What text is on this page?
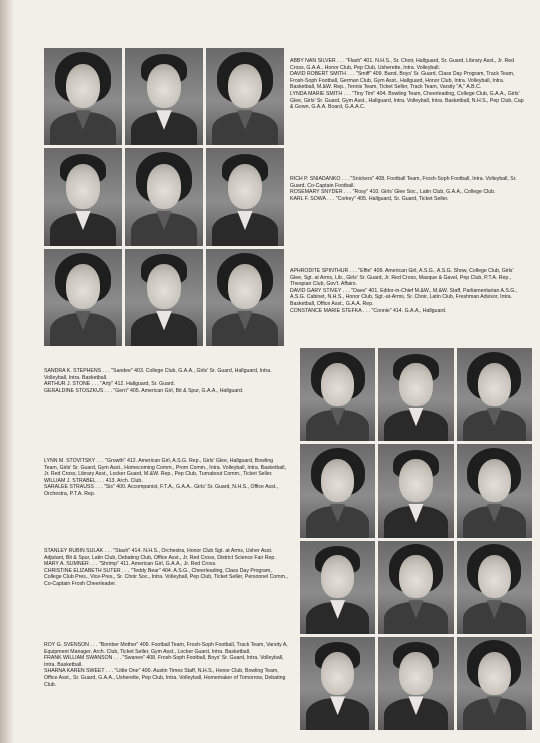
ABBY NAN SILVER . . . "Flash" 401. N.H.S., Sr. Choir, Hallguard, Sr. Guard, Library Asst., Jr. Red Cross, G.A.A., Honor Club, Pep Club, Usherette, Intra. Volleyball.
DAVID ROBERT SMITH . . . "Smiff" 409. Band, Boys' Sr. Guard, Class Day Program, Track Team, Frosh-Soph Football, German Club, Gym Asst., Hallguard, Honor Club, Intra. Volleyball, Intra. Basketball, M.&W. Rep., Tennis Team, Ticket Seller, Track Team, Varsity "A," A.B.C.
LYNDA MARIE SMITH . . . "Tiny Tim" 404. Bowling Team, Cheerleading, College Club, G.A.A., Girls' Glee, Girls' Sr. Guard, Gym Asst., Hallguard, Intra. Volleyball, Intra. Basketball, N.H.S., Pep Club, Cap & Gown, G.A.A. Board, G.A.A.C.
RICH P. SNIADANKO . . . "Snickers" 408. Football Team, Frosh-Soph Football, Intra. Volleyball, Sr. Guard, Co-Captain Football.
ROSEMARY SNYDER . . . "Rosy" 410. Girls' Glee Soc., Latin Club, G.A.A., College Club.
KARL F. SOWA . . . "Corkey" 405. Hallguard, Sr. Guard, Ticket Seller.
APHRODITE SPINTHUR . . . "Effie" 409. American Girl, A.S.G., A.S.G. Show, College Club, Girls' Glee, Sgt. at Arms, Lib., Girls' Sr. Guard, Jr. Red Cross, Masque & Gavel, Pep Club, P.T.A. Rep., Thespian Club, Gov't. Affairs.
DAVID GARY STIVEY . . . "Dave" 401. Editor-in-Chief M.&W., M.&W. Staff, Parliamentarian A.S.G., A.S.G. Cabinet, N.H.S., Honor Club, Sgt.-at-Arms, Sr. Choir, Latin Club, Freshman Advisor, Intra. Basketball, Office Asst., G.A.A. Rep.
CONSTANCE MARIE STEFKA . . . "Connie" 414. G.A.A., Hallguard.
SANDRA K. STEPHENS . . . "Sandee" 403. College Club, G.A.A., Girls' Sr. Guard, Hallguard, Intra. Volleyball, Intra. Basketball.
ARTHUR J. STONE . . . "Arty" 412. Hallguard, Sr. Guard.
GERALDINE STOSZKUS . . . "Gerri" 405. American Girl, Bit & Spur, G.A.A., Hallguard.
LYNN M. STOVITSKY . . . "Growth" 412. American Girl, A.S.G. Rep., Girls' Glee, Hallguard, Bowling Team, Girls' Sr. Guard, Gym Asst., Homecoming Comm., Prom Comm., Intra. Volleyball, Intra. Basketball, Jr. Red Cross, Library Asst., Locker Guard, M.&W. Rep., Pep Club, Turnabout Comm., Ticket Seller.
WILLIAM J. STRABEL . . . 413. Arch. Club.
SARALEE STRAUSS . . . "Sis" 400. Accompanist, F.T.A., G.A.A., Girls' Sr. Guard, N.H.S., Office Asst., Orchestra, P.T.A. Rep.
STANLEY RUBIN SULAK . . . "Stash" 414. N.H.S., Orchestra, Honor Club Sgt. at Arms, Usher Asst. Adjutant, Bit & Spur, Latin Club, Debating Club, Office Asst., Jr. Red Cross, District Science Fair Rep.
MARY A. SUMNER . . . "Shrimp" 411. American Girl, G.A.A., Jr. Red Cross.
CHRISTINE ELIZABETH SUTER . . . "Teddy Bear" 404. A.S.G., Cheerleading, Class Day Program, College Club Pres., Vice-Pres., Sr. Choir Soc., Intra. Volleyball, Pep Club, Ticket Seller, Personnel Comm., Co-Captain Frosh Cheerleader.
ROY G. SVENSON . . . "Bomber Mother" 409. Football Team, Frosh-Soph Football, Track Team, Varsity A, Equipment Manager, Arch. Club, Ticket Seller, Gym Asst., Locker Guard, Intra. Basketball.
FRANK WILLIAM SWANSON . . . "Swanee" 408. Frosh-Soph Football, Boys' Sr. Guard, Intra. Volleyball, Intra. Basketball.
SHARNA KAREN SWEET . . . "Little One" 400. Austin Times Staff, N.H.S., Honor Club, Bowling Team, Office Asst., Sr. Guard, G.A.A., Usherette, Pep Club, Intra. Volleyball, Homemaker of Tomorrow, Debating Club.
